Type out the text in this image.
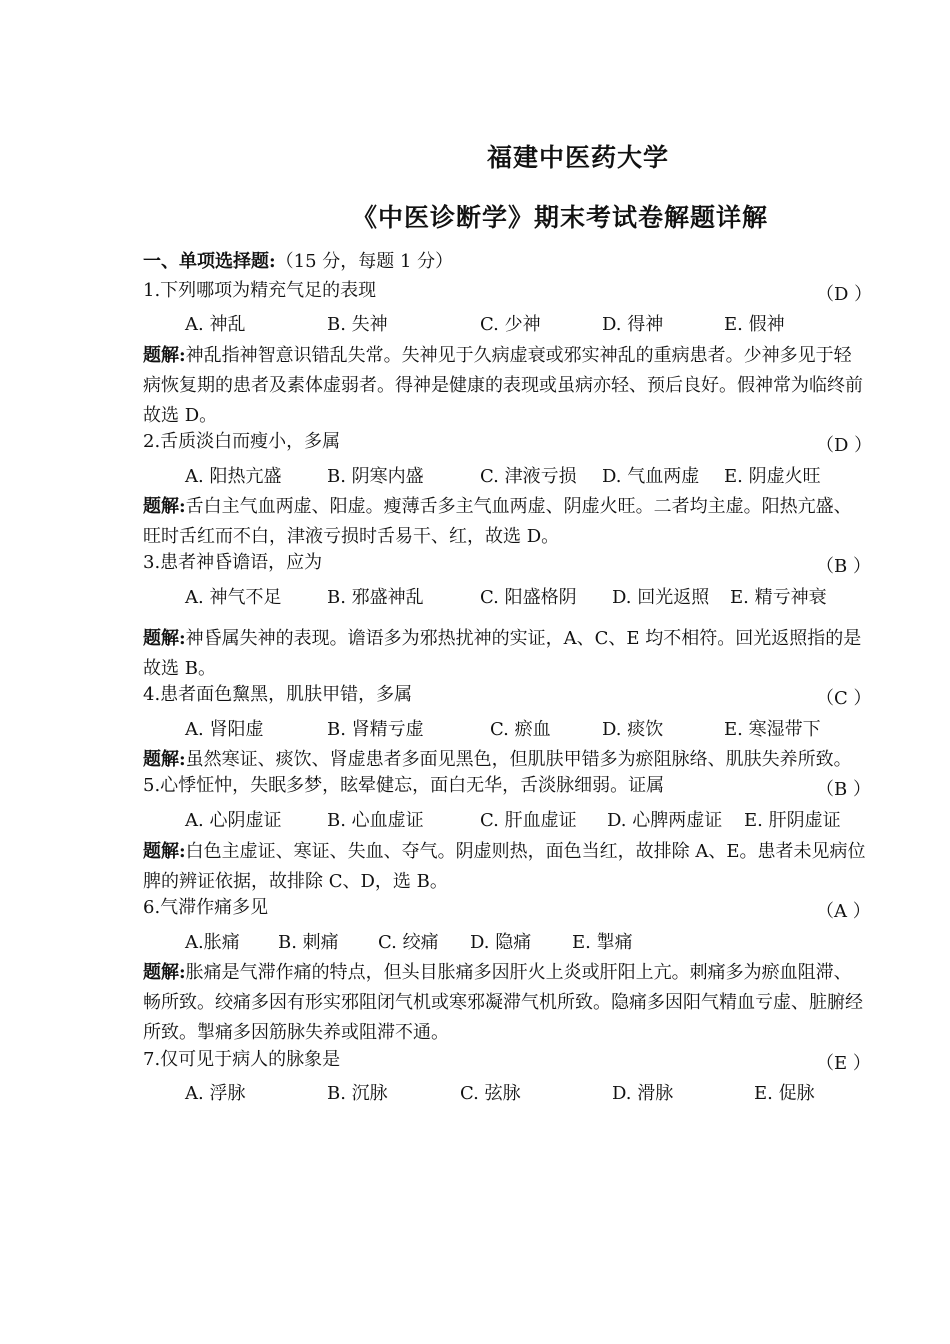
福建中医药大学
《中医诊断学》期末考试卷解题详解
一、单项选择题:（15 分，每题 1 分）
1.下列哪项为精充气足的表现	（D ）
A. 神乱	B. 失神	C. 少神	D. 得神	E. 假神
题解:神乱指神智意识错乱失常。失神见于久病虚衰或邪实神乱的重病患者。少神多见于轻
病恢复期的患者及素体虚弱者。得神是健康的表现或虽病亦轻、预后良好。假神常为临终前
故选 D。
2.舌质淡白而瘦小，多属	（D ）
A. 阳热亢盛	B. 阴寒内盛	C. 津液亏损 D. 气血两虚 E. 阴虚火旺
题解:舌白主气血两虚、阳虚。瘦薄舌多主气血两虚、阴虚火旺。二者均主虚。阳热亢盛、
旺时舌红而不白，津液亏损时舌易干、红，故选 D。
3.患者神昏谵语，应为	（B ）
A. 神气不足	B. 邪盛神乱	C. 阳盛格阴 D. 回光返照 E. 精亏神衰
题解:神昏属失神的表现。谵语多为邪热扰神的实证，A、C、E 均不相符。回光返照指的是
故选 B。
4.患者面色黧黑，肌肤甲错，多属	（C ）
A. 肾阳虚	B. 肾精亏虚	C. 瘀血	D. 痰饮	E. 寒湿带下
题解:虽然寒证、痰饮、肾虚患者多面见黑色，但肌肤甲错多为瘀阻脉络、肌肤失养所致。
5.心悸怔忡，失眠多梦，眩晕健忘，面白无华，舌淡脉细弱。证属	（B ）
A. 心阴虚证	B. 心血虚证	C. 肝血虚证 D. 心脾两虚证 E. 肝阴虚证
题解:白色主虚证、寒证、失血、夺气。阴虚则热，面色当红，故排除 A、E。患者未见病位
脾的辨证依据，故排除 C、D，选 B。
6.气滞作痛多见	（A ）
A.胀痛 B. 刺痛 C. 绞痛 D. 隐痛 E. 掣痛
题解:胀痛是气滞作痛的特点，但头目胀痛多因肝火上炎或肝阳上亢。刺痛多为瘀血阻滞、
畅所致。绞痛多因有形实邪阻闭气机或寒邪凝滞气机所致。隐痛多因阳气精血亏虚、脏腑经
所致。掣痛多因筋脉失养或阻滞不通。
7.仅可见于病人的脉象是	（E ）
A. 浮脉	B. 沉脉	C. 弦脉	D. 滑脉	E. 促脉
